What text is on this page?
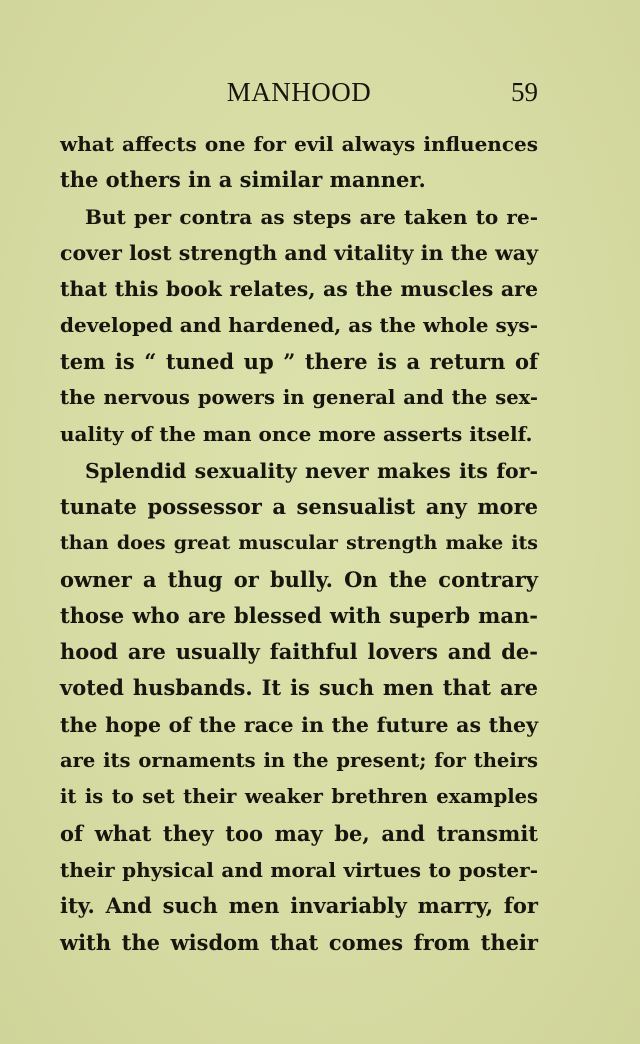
MANHOOD	59
what affects one for evil always influences
the others in a similar manner.
But per contra as steps are taken to re-
cover lost strength and vitality in the way
that this book relates, as the muscles are
developed and hardened, as the whole sys-
tem is “ tuned up ” there is a return of
the nervous powers in general and the sex-
uality of the man once more asserts itself.
Splendid sexuality never makes its for-
tunate possessor a sensualist any more
than does great muscular strength make its
owner a thug or bully. On the contrary
those who are blessed with superb man-
hood are usually faithful lovers and de-
voted husbands. It is such men that are
the hope of the race in the future as they
are its ornaments in the present; for theirs
it is to set their weaker brethren examples
of what they too may be, and transmit
their physical and moral virtues to poster-
ity. And such men invariably marry, for
with the wisdom that comes from their
